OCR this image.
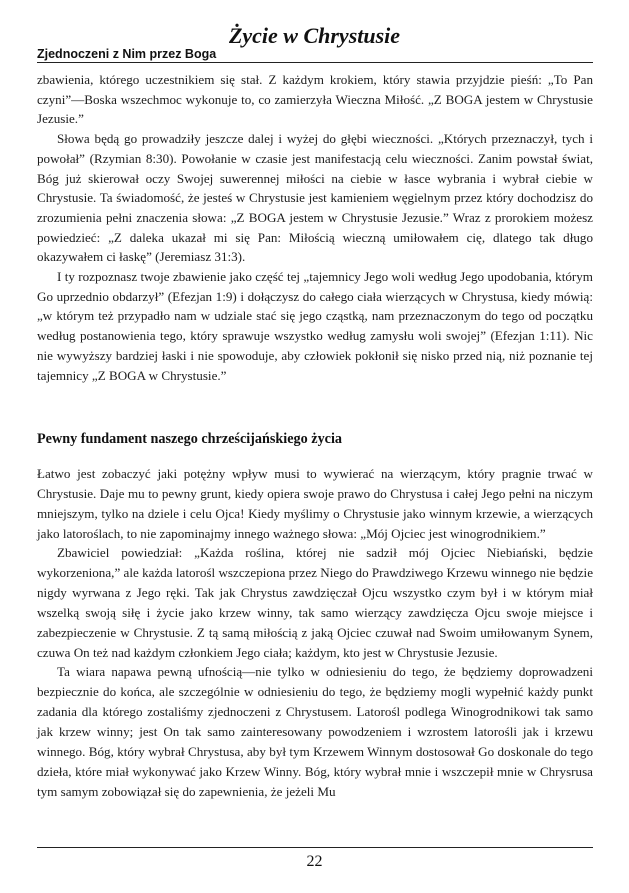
Życie w Chrystusie
Zjednoczeni z Nim przez Boga

zbawienia, którego uczestnikiem się stał. Z każdym krokiem, który stawia przyjdzie pieśń: „To Pan czyni”—Boska wszechmoc wykonuje to, co zamierzyła Wieczna Miłość. „Z BOGA jestem w Chrystusie Jezusie.”

Słowa będą go prowadziły jeszcze dalej i wyżej do głębi wieczności. „Których przeznaczył, tych i powołał” (Rzymian 8:30). Powołanie w czasie jest manifestacją celu wieczności. Zanim powstał świat, Bóg już skierował oczy Swojej suwerennej miłości na ciebie w łasce wybrania i wybrał ciebie w Chrystusie. Ta świadomość, że jesteś w Chrystusie jest kamieniem węgielnym przez który dochodzisz do zrozumienia pełni znaczenia słowa: „Z BOGA jestem w Chrystusie Jezusie.” Wraz z prorokiem możesz powiedzieć: „Z daleka ukazał mi się Pan: Miłością wieczną umiłowałem cię, dlatego tak długo okazywałem ci łaskę” (Jeremiasz 31:3).

I ty rozpoznasz twoje zbawienie jako część tej „tajemnicy Jego woli według Jego upodobania, którym Go uprzednio obdarzył” (Efezjan 1:9) i dołączysz do całego ciała wierzących w Chrystusa, kiedy mówią: „w którym też przypadło nam w udziale stać się jego cząstką, nam przeznaczonym do tego od początku według postanowienia tego, który sprawuje wszystko według zamysłu woli swojej” (Efezjan 1:11). Nic nie wywyższy bardziej łaski i nie spowoduje, aby człowiek pokłonił się nisko przed nią, niż poznanie tej tajemnicy „Z BOGA w Chrystusie.”

Pewny fundament naszego chrześcijańskiego życia

Łatwo jest zobaczyć jaki potężny wpływ musi to wywierać na wierzącym, który pragnie trwać w Chrystusie. Daje mu to pewny grunt, kiedy opiera swoje prawo do Chrystusa i całej Jego pełni na niczym mniejszym, tylko na dziele i celu Ojca! Kiedy myślimy o Chrystusie jako winnym krzewie, a wierzących jako latoroślach, to nie zapominajmy innego ważnego słowa: „Mój Ojciec jest winogrodnikiem.”

Zbawiciel powiedział: „Każda roślina, której nie sadził mój Ojciec Niebiański, będzie wykorzeniona,” ale każda latorośl wszczepiona przez Niego do Prawdziwego Krzewu winnego nie będzie nigdy wyrwana z Jego ręki. Tak jak Chrystus zawdzięczał Ojcu wszystko czym był i w którym miał wszelką swoją siłę i życie jako krzew winny, tak samo wierzący zawdzięcza Ojcu swoje miejsce i zabezpieczenie w Chrystusie. Z tą samą miłością z jaką Ojciec czuwał nad Swoim umiłowanym Synem, czuwa On też nad każdym członkiem Jego ciała; każdym, kto jest w Chrystusie Jezusie.

Ta wiara napawa pewną ufnością—nie tylko w odniesieniu do tego, że będziemy doprowadzeni bezpiecznie do końca, ale szczególnie w odniesieniu do tego, że będziemy mogli wypełnić każdy punkt zadania dla którego zostaliśmy zjednoczeni z Chrystusem. Latorośl podlega Winogrodnikowi tak samo jak krzew winny; jest On tak samo zainteresowany powodzeniem i wzrostem latorośli jak i krzewu winnego. Bóg, który wybrał Chrystusa, aby był tym Krzewem Winnym dostosował Go doskonale do tego dzieła, które miał wykonywać jako Krzew Winny. Bóg, który wybrał mnie i wszczepił mnie w Chrysrusa tym samym zobowiązał się do zapewnienia, że jeżeli Mu

22
